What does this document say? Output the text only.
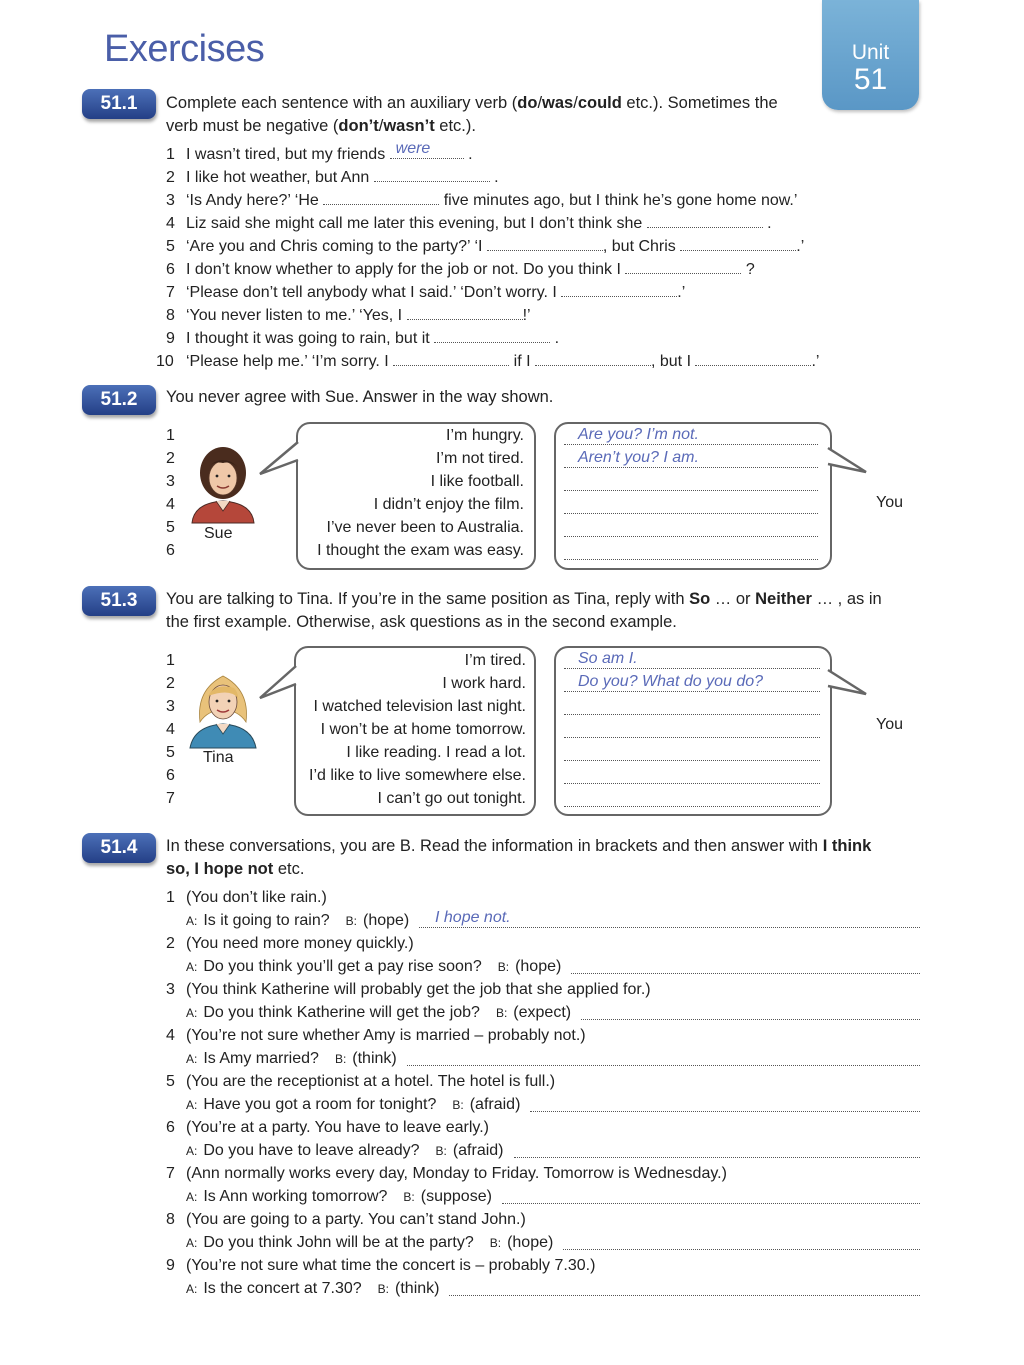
Exercises	Unit
51
51.1	Complete each sentence with an auxiliary verb (do/was/could etc.). Sometimes the verb must be negative (don’t/wasn’t etc.).
1 I wasn’t tired, but my friends were .
2 I like hot weather, but Ann	.
3 ‘Is Andy here?’ ‘He	five minutes ago, but I think he’s gone home now.’
4 Liz said she might call me later this evening, but I don’t think she	.
5 ‘Are you and Chris coming to the party?’ ‘I	, but Chris	.’
6 I don’t know whether to apply for the job or not. Do you think I	?
7 ‘Please don’t tell anybody what I said.’ ‘Don’t worry. I	.’
8 ‘You never listen to me.’ ‘Yes, I	!’
9 I thought it was going to rain, but it	.
10 ‘Please help me.’ ‘I’m sorry. I	if I	, but I	.’
51.2	You never agree with Sue. Answer in the way shown.
1
2
3
4
5
6
Sue
I’m hungry.
I’m not tired.
I like football.
I didn’t enjoy the film.
I’ve never been to Australia.
I thought the exam was easy.
Are you? I’m not.
Aren’t you? I am.
You
51.3	You are talking to Tina. If you’re in the same position as Tina, reply with So … or Neither … , as in the first example. Otherwise, ask questions as in the second example.
1
2
3
4
5
6
7
Tina
I’m tired.
I work hard.
I watched television last night.
I won’t be at home tomorrow.
I like reading. I read a lot.
I’d like to live somewhere else.
I can’t go out tonight.
So am I.
Do you? What do you do?
You
51.4	In these conversations, you are B. Read the information in brackets and then answer with I think so, I hope not etc.
1 (You don’t like rain.)
A: Is it going to rain? B: (hope) I hope not.
2 (You need more money quickly.)
A: Do you think you’ll get a pay rise soon? B: (hope)
3 (You think Katherine will probably get the job that she applied for.)
A: Do you think Katherine will get the job? B: (expect)
4 (You’re not sure whether Amy is married – probably not.)
A: Is Amy married? B: (think)
5 (You are the receptionist at a hotel. The hotel is full.)
A: Have you got a room for tonight? B: (afraid)
6 (You’re at a party. You have to leave early.)
A: Do you have to leave already? B: (afraid)
7 (Ann normally works every day, Monday to Friday. Tomorrow is Wednesday.)
A: Is Ann working tomorrow? B: (suppose)
8 (You are going to a party. You can’t stand John.)
A: Do you think John will be at the party? B: (hope)
9 (You’re not sure what time the concert is – probably 7.30.)
A: Is the concert at 7.30? B: (think)
